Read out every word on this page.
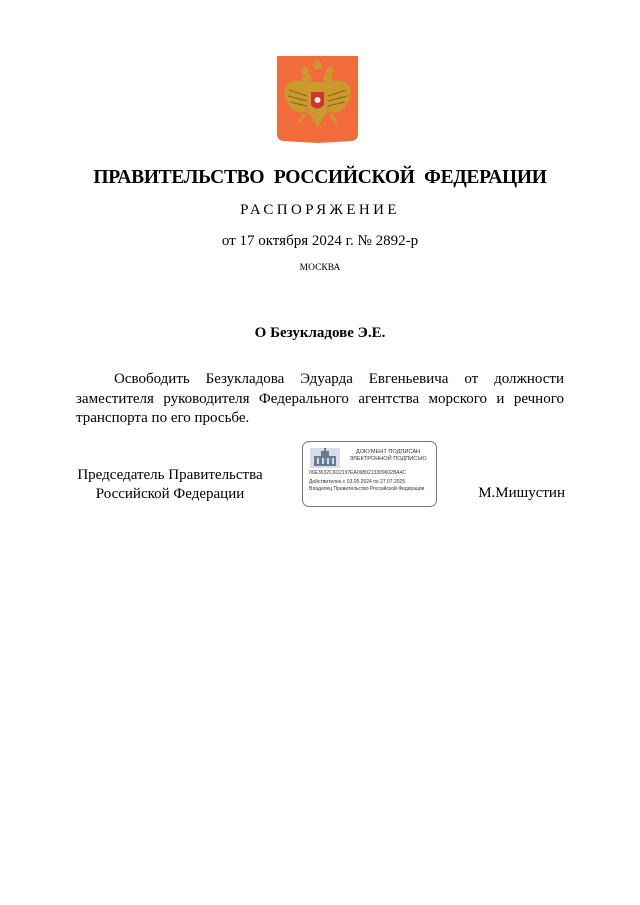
ПРАВИТЕЛЬСТВО РОССИЙСКОЙ ФЕДЕРАЦИИ
РАСПОРЯЖЕНИЕ
от 17 октября 2024 г. № 2892-р
МОСКВА
О Безукладове Э.Е.

Освободить Безукладова Эдуарда Евгеньевича от должности заместителя руководителя Федерального агентства морского и речного транспорта по его просьбе.

Председатель Правительства
Российской Федерации
ДОКУМЕНТ ПОДПИСАН
ЭЛЕКТРОННОЙ ПОДПИСЬЮ
00E3632C6D2197EA0989213309602BA4C
Действителен с 03.05.2024 по 27.07.2025
Владелец Правительство Российской Федерации	М.Мишустин
